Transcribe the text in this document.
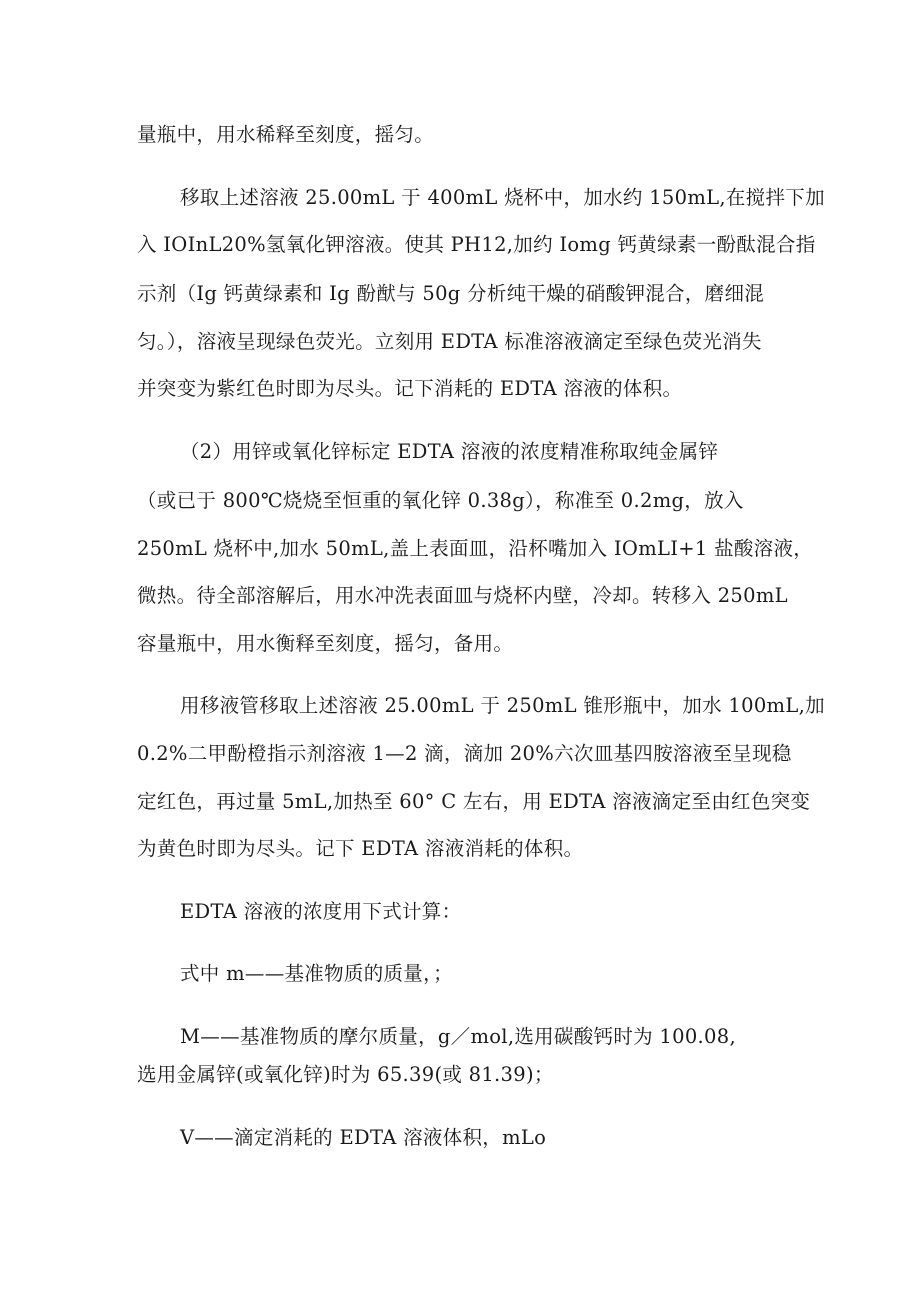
量瓶中，用水稀释至刻度，摇匀。
移取上述溶液 25.00mL 于 400mL 烧杯中，加水约 150mL,在搅拌下加
入 IOInL20%氢氧化钾溶液。使其 PH12,加约 Iomg 钙黄绿素一酚酞混合指
示剂（Ig 钙黄绿素和 Ig 酚猷与 50g 分析纯干燥的硝酸钾混合，磨细混
匀。），溶液呈现绿色荧光。立刻用 EDTA 标准溶液滴定至绿色荧光消失
并突变为紫红色时即为尽头。记下消耗的 EDTA 溶液的体积。
（2）用锌或氧化锌标定 EDTA 溶液的浓度精准称取纯金属锌
（或已于 800℃烧烧至恒重的氧化锌 0.38g），称准至 0.2mg，放入
250mL 烧杯中,加水 50mL,盖上表面皿，沿杯嘴加入 IOmLI+1 盐酸溶液，
微热。待全部溶解后，用水冲洗表面皿与烧杯内壁，冷却。转移入 250mL
容量瓶中，用水衡释至刻度，摇匀，备用。
用移液管移取上述溶液 25.00mL 于 250mL 锥形瓶中，加水 100mL,加
0.2%二甲酚橙指示剂溶液 1—2 滴，滴加 20%六次皿基四胺溶液至呈现稳
定红色，再过量 5mL,加热至 60° C 左右，用 EDTA 溶液滴定至由红色突变
为黄色时即为尽头。记下 EDTA 溶液消耗的体积。
EDTA 溶液的浓度用下式计算：
式中 m——基准物质的质量，；
M——基准物质的摩尔质量，g／mol,选用碳酸钙时为 100.08,
选用金属锌(或氧化锌)时为 65.39(或 81.39)；
V——滴定消耗的 EDTA 溶液体积，mLo
